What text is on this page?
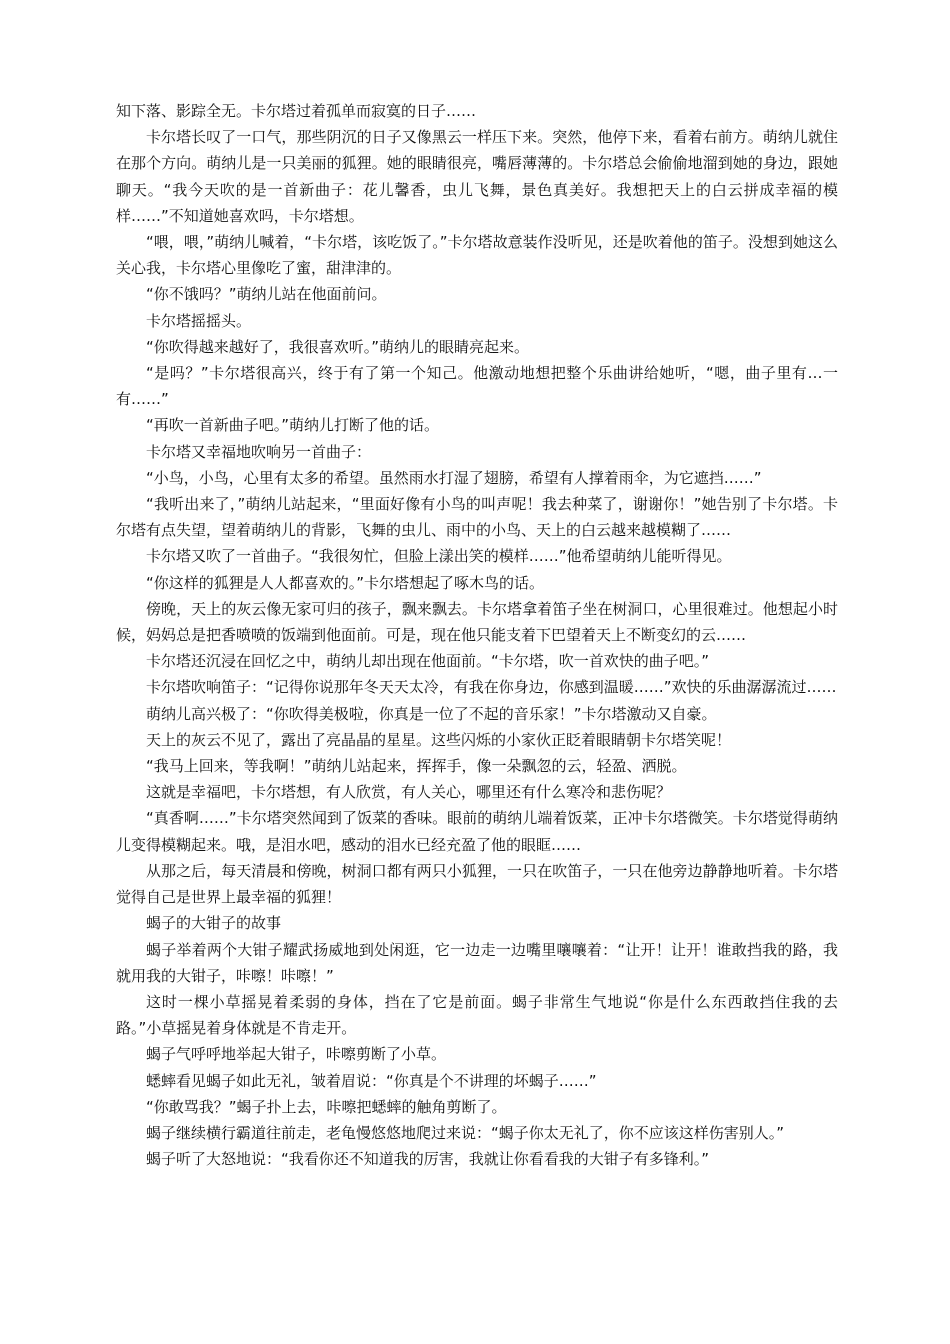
知下落、影踪全无。卡尔塔过着孤单而寂寞的日子……

卡尔塔长叹了一口气，那些阴沉的日子又像黑云一样压下来。突然，他停下来，看着右前方。萌纳儿就住在那个方向。萌纳儿是一只美丽的狐狸。她的眼睛很亮，嘴唇薄薄的。卡尔塔总会偷偷地溜到她的身边，跟她聊天。“我今天吹的是一首新曲子：花儿馨香，虫儿飞舞，景色真美好。我想把天上的白云拼成幸福的模样……”不知道她喜欢吗，卡尔塔想。

“喂，喂，”萌纳儿喊着，“卡尔塔，该吃饭了。”卡尔塔故意装作没听见，还是吹着他的笛子。没想到她这么关心我，卡尔塔心里像吃了蜜，甜津津的。

“你不饿吗？”萌纳儿站在他面前问。

卡尔塔摇摇头。

“你吹得越来越好了，我很喜欢听。”萌纳儿的眼睛亮起来。

“是吗？”卡尔塔很高兴，终于有了第一个知己。他激动地想把整个乐曲讲给她听，“嗯，曲子里有…一有……”

“再吹一首新曲子吧。”萌纳儿打断了他的话。

卡尔塔又幸福地吹响另一首曲子：

“小鸟，小鸟，心里有太多的希望。虽然雨水打湿了翅膀，希望有人撑着雨伞，为它遮挡……”

“我听出来了，”萌纳儿站起来，“里面好像有小鸟的叫声呢！我去种菜了，谢谢你！”她告别了卡尔塔。卡尔塔有点失望，望着萌纳儿的背影，飞舞的虫儿、雨中的小鸟、天上的白云越来越模糊了……

卡尔塔又吹了一首曲子。“我很匆忙，但脸上漾出笑的模样……”他希望萌纳儿能听得见。

“你这样的狐狸是人人都喜欢的。”卡尔塔想起了啄木鸟的话。

傍晚，天上的灰云像无家可归的孩子，飘来飘去。卡尔塔拿着笛子坐在树洞口，心里很难过。他想起小时候，妈妈总是把香喷喷的饭端到他面前。可是，现在他只能支着下巴望着天上不断变幻的云……

卡尔塔还沉浸在回忆之中，萌纳儿却出现在他面前。“卡尔塔，吹一首欢快的曲子吧。”

卡尔塔吹响笛子：“记得你说那年冬天天太冷，有我在你身边，你感到温暖……”欢快的乐曲潺潺流过……

萌纳儿高兴极了：“你吹得美极啦，你真是一位了不起的音乐家！”卡尔塔激动又自豪。

天上的灰云不见了，露出了亮晶晶的星星。这些闪烁的小家伙正眨着眼睛朝卡尔塔笑呢！

“我马上回来，等我啊！”萌纳儿站起来，挥挥手，像一朵飘忽的云，轻盈、洒脱。

这就是幸福吧，卡尔塔想，有人欣赏，有人关心，哪里还有什么寒冷和悲伤呢？

“真香啊……”卡尔塔突然闻到了饭菜的香味。眼前的萌纳儿端着饭菜，正冲卡尔塔微笑。卡尔塔觉得萌纳儿变得模糊起来。哦，是泪水吧，感动的泪水已经充盈了他的眼眶……

从那之后，每天清晨和傍晚，树洞口都有两只小狐狸，一只在吹笛子，一只在他旁边静静地听着。卡尔塔觉得自己是世界上最幸福的狐狸！

蝎子的大钳子的故事

蝎子举着两个大钳子耀武扬威地到处闲逛，它一边走一边嘴里嚷嚷着：“让开！让开！谁敢挡我的路，我就用我的大钳子，咔嚓！咔嚓！”

这时一棵小草摇晃着柔弱的身体，挡在了它是前面。蝎子非常生气地说“你是什么东西敢挡住我的去路。”小草摇晃着身体就是不肯走开。

蝎子气呼呼地举起大钳子，咔嚓剪断了小草。

蟋蟀看见蝎子如此无礼，皱着眉说：“你真是个不讲理的坏蝎子……”

“你敢骂我？”蝎子扑上去，咔嚓把蟋蟀的触角剪断了。

蝎子继续横行霸道往前走，老龟慢悠悠地爬过来说：“蝎子你太无礼了，你不应该这样伤害别人。”

蝎子听了大怒地说：“我看你还不知道我的厉害，我就让你看看我的大钳子有多锋利。”
